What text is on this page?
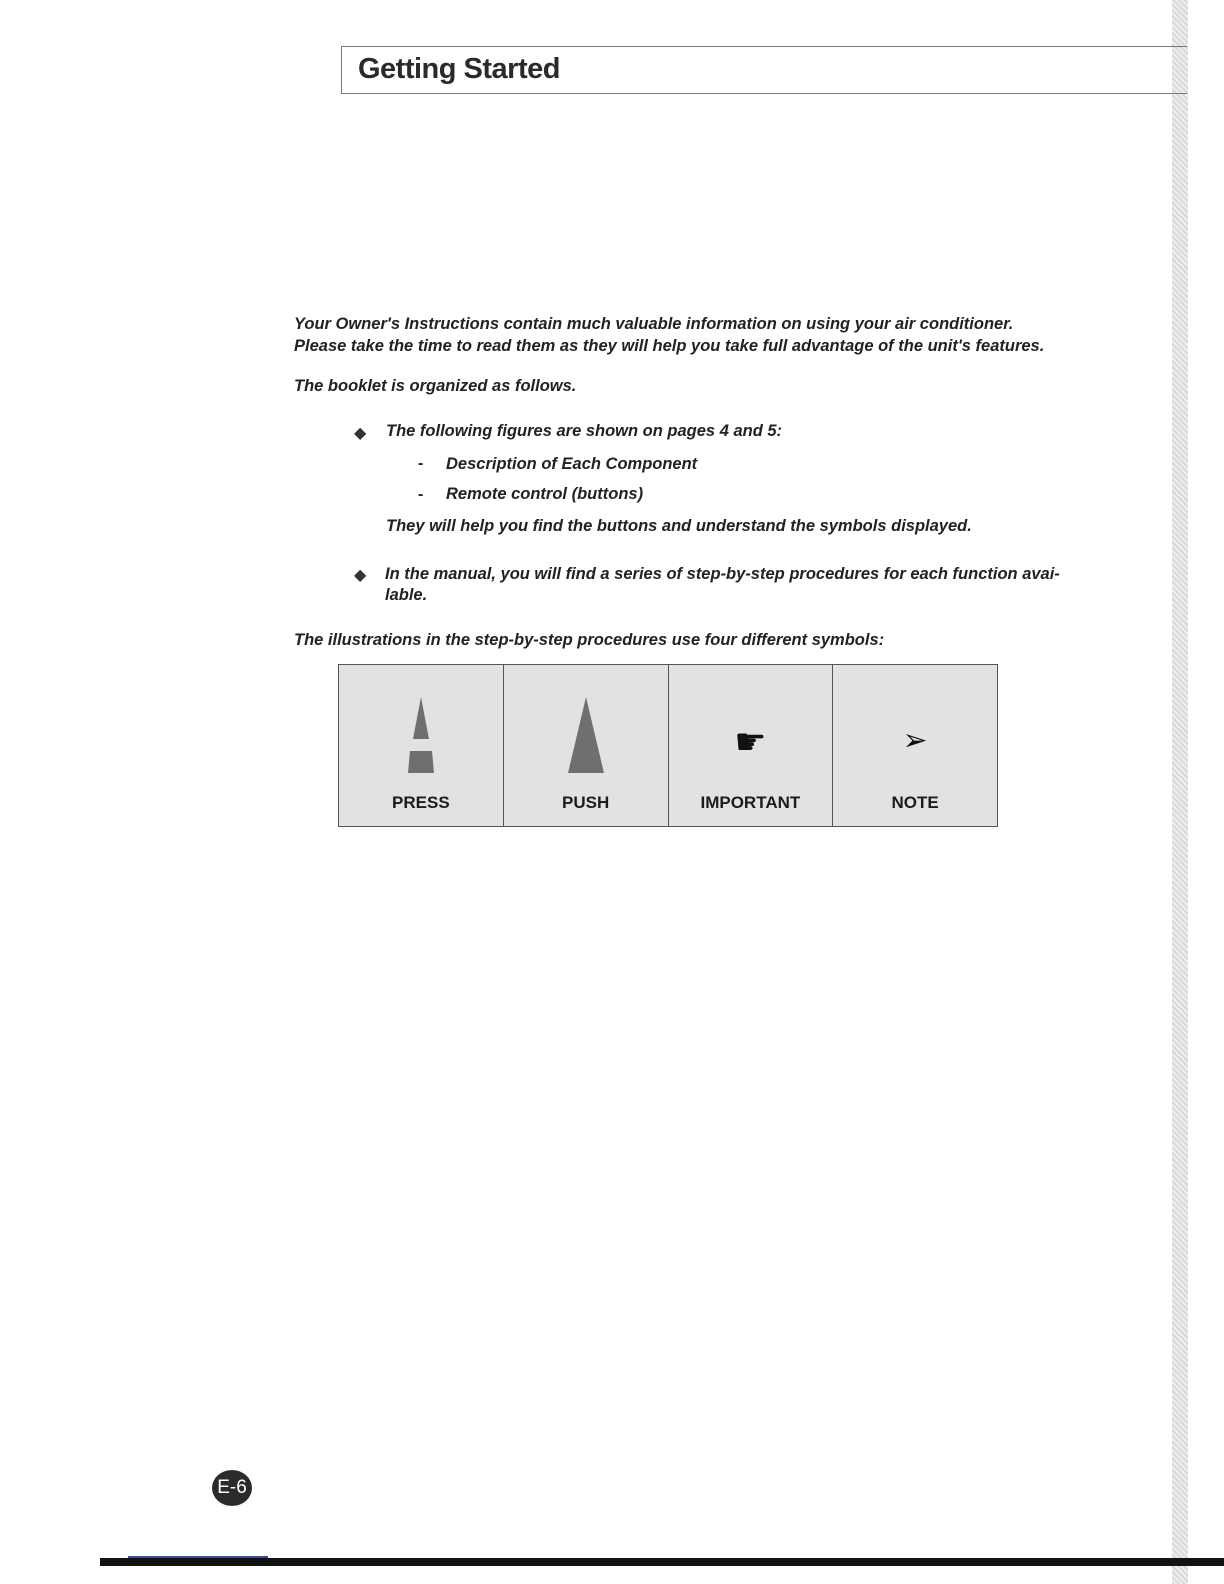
Getting Started
Your Owner's Instructions contain much valuable information on using your air conditioner.
Please take the time to read them as they will help you take full advantage of the unit's features.
The booklet is organized as follows.
◆ The following figures are shown on pages 4 and 5:
- Description of Each Component
- Remote control (buttons)
They will help you find the buttons and understand the symbols displayed.
◆ In the manual, you will find a series of step-by-step procedures for each function avai-
lable.
The illustrations in the step-by-step procedures use four different symbols:
PRESS	PUSH
☛
IMPORTANT
➢
NOTE
E-6
